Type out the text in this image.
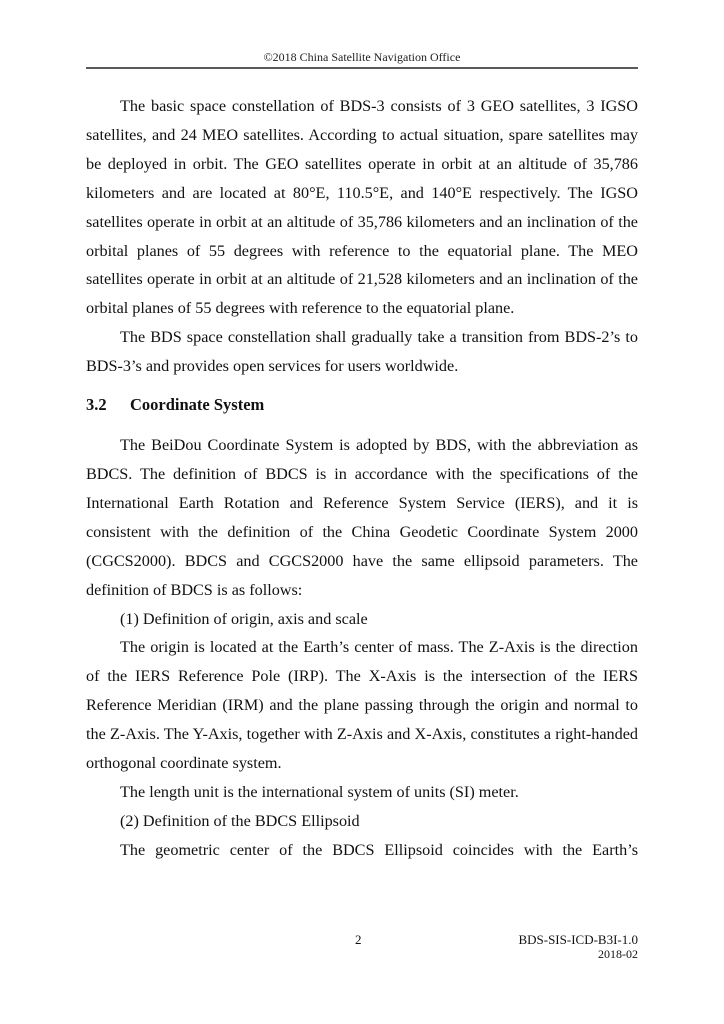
©2018 China Satellite Navigation Office

The basic space constellation of BDS-3 consists of 3 GEO satellites, 3 IGSO satellites, and 24 MEO satellites. According to actual situation, spare satellites may be deployed in orbit. The GEO satellites operate in orbit at an altitude of 35,786 kilometers and are located at 80°E, 110.5°E, and 140°E respectively. The IGSO satellites operate in orbit at an altitude of 35,786 kilometers and an inclination of the orbital planes of 55 degrees with reference to the equatorial plane. The MEO satellites operate in orbit at an altitude of 21,528 kilometers and an inclination of the orbital planes of 55 degrees with reference to the equatorial plane.

The BDS space constellation shall gradually take a transition from BDS-2’s to BDS-3’s and provides open services for users worldwide.

3.2 Coordinate System

The BeiDou Coordinate System is adopted by BDS, with the abbreviation as BDCS. The definition of BDCS is in accordance with the specifications of the International Earth Rotation and Reference System Service (IERS), and it is consistent with the definition of the China Geodetic Coordinate System 2000 (CGCS2000). BDCS and CGCS2000 have the same ellipsoid parameters. The definition of BDCS is as follows:

(1) Definition of origin, axis and scale

The origin is located at the Earth’s center of mass. The Z-Axis is the direction of the IERS Reference Pole (IRP). The X-Axis is the intersection of the IERS Reference Meridian (IRM) and the plane passing through the origin and normal to the Z-Axis. The Y-Axis, together with Z-Axis and X-Axis, constitutes a right-handed orthogonal coordinate system.

The length unit is the international system of units (SI) meter.

(2) Definition of the BDCS Ellipsoid

The geometric center of the BDCS Ellipsoid coincides with the Earth’s

2	BDS-SIS-ICD-B3I-1.0
2018-02
